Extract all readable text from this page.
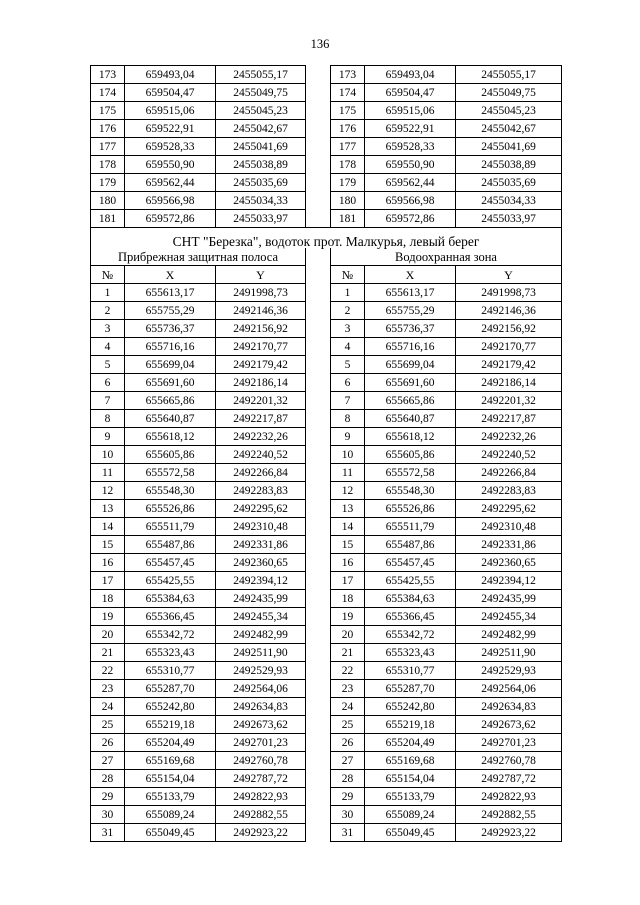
136
173	659493,04	2455055,17		173	659493,04	2455055,17
174	659504,47	2455049,75		174	659504,47	2455049,75
175	659515,06	2455045,23		175	659515,06	2455045,23
176	659522,91	2455042,67		176	659522,91	2455042,67
177	659528,33	2455041,69		177	659528,33	2455041,69
178	659550,90	2455038,89		178	659550,90	2455038,89
179	659562,44	2455035,69		179	659562,44	2455035,69
180	659566,98	2455034,33		180	659566,98	2455034,33
181	659572,86	2455033,97		181	659572,86	2455033,97
СНТ "Березка", водоток прот. Малкурья, левый берег						
Прибрежная защитная полоса				Водоохранная зона		
№	X	Y		№	X	Y
1	655613,17	2491998,73		1	655613,17	2491998,73
2	655755,29	2492146,36		2	655755,29	2492146,36
3	655736,37	2492156,92		3	655736,37	2492156,92
4	655716,16	2492170,77		4	655716,16	2492170,77
5	655699,04	2492179,42		5	655699,04	2492179,42
6	655691,60	2492186,14		6	655691,60	2492186,14
7	655665,86	2492201,32		7	655665,86	2492201,32
8	655640,87	2492217,87		8	655640,87	2492217,87
9	655618,12	2492232,26		9	655618,12	2492232,26
10	655605,86	2492240,52		10	655605,86	2492240,52
11	655572,58	2492266,84		11	655572,58	2492266,84
12	655548,30	2492283,83		12	655548,30	2492283,83
13	655526,86	2492295,62		13	655526,86	2492295,62
14	655511,79	2492310,48		14	655511,79	2492310,48
15	655487,86	2492331,86		15	655487,86	2492331,86
16	655457,45	2492360,65		16	655457,45	2492360,65
17	655425,55	2492394,12		17	655425,55	2492394,12
18	655384,63	2492435,99		18	655384,63	2492435,99
19	655366,45	2492455,34		19	655366,45	2492455,34
20	655342,72	2492482,99		20	655342,72	2492482,99
21	655323,43	2492511,90		21	655323,43	2492511,90
22	655310,77	2492529,93		22	655310,77	2492529,93
23	655287,70	2492564,06		23	655287,70	2492564,06
24	655242,80	2492634,83		24	655242,80	2492634,83
25	655219,18	2492673,62		25	655219,18	2492673,62
26	655204,49	2492701,23		26	655204,49	2492701,23
27	655169,68	2492760,78		27	655169,68	2492760,78
28	655154,04	2492787,72		28	655154,04	2492787,72
29	655133,79	2492822,93		29	655133,79	2492822,93
30	655089,24	2492882,55		30	655089,24	2492882,55
31	655049,45	2492923,22		31	655049,45	2492923,22
